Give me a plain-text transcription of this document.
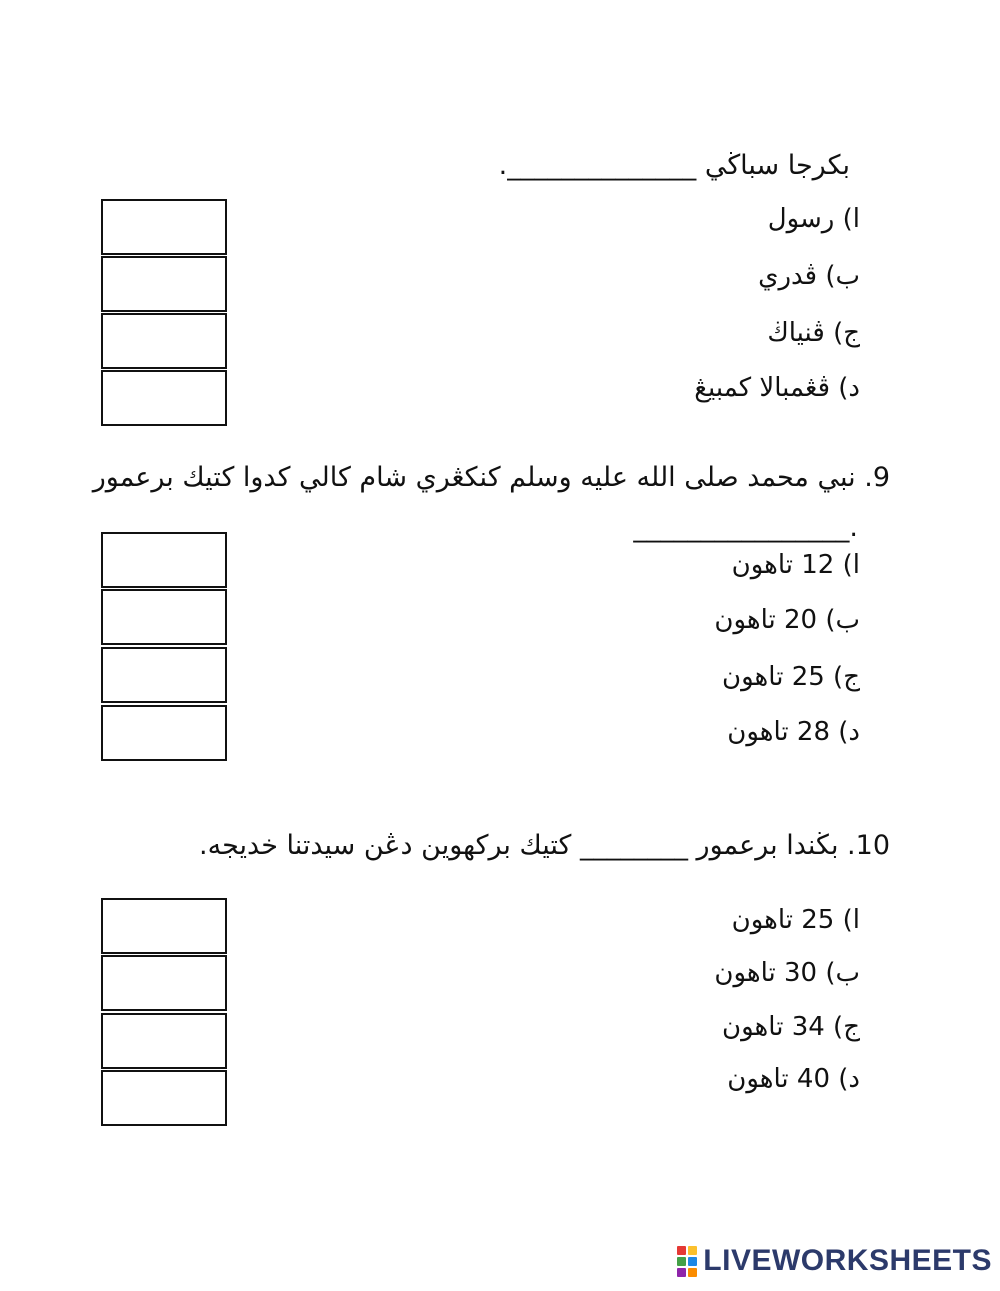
بكرجا سباڬي ______________.
ا) رسول
ب) ڤدري
ج) ڤنياڬ
د) ڤڠمبالا كمبيڠ
9. نبي محمد صلى الله عليه وسلم كنكڠري شام كالي كدوا كتيك برعمور
________________.
ا) 12 تاهون
ب) 20 تاهون
ج) 25 تاهون
د) 28 تاهون
10. بڬندا برعمور ________ كتيك بركهوين دڠن سيدتنا خديجه.
ا) 25 تاهون
ب) 30 تاهون
ج) 34 تاهون
د) 40 تاهون
LIVEWORKSHEETS
